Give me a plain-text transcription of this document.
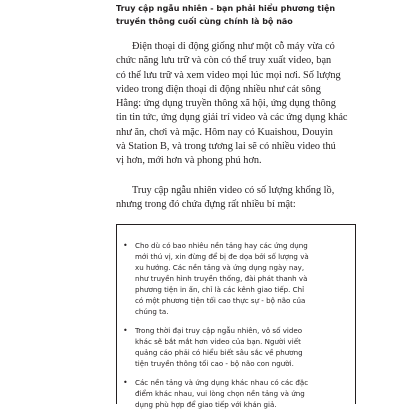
Truy cập ngẫu nhiên - bạn phải hiểu phương tiện
truyền thông cuối cùng chính là bộ não
Điện thoại di động giống như một cỗ máy vừa có
chức năng lưu trữ và còn có thể truy xuất video, bạn
có thể lưu trữ và xem video mọi lúc mọi nơi. Số lượng
video trong điện thoại di động nhiều như cát sông
Hằng: ứng dụng truyền thông xã hội, ứng dụng thông
tin tin tức, ứng dụng giải trí video và các ứng dụng khác
như ăn, chơi và mặc. Hôm nay có Kuaishou, Douyin
và Station B, và trong tương lai sẽ có nhiều video thú
vị hơn, mới hơn và phong phú hơn.
Truy cập ngẫu nhiên video có số lượng khổng lồ,
nhưng trong đó chứa đựng rất nhiều bí mật:
• Cho dù có bao nhiêu nền tảng hay các ứng dụng
mới thú vị, xin đừng để bị đe dọa bởi số lượng và
xu hướng. Các nền tảng và ứng dụng ngày nay,
như truyền hình truyền thống, đài phát thanh và
phương tiện in ấn, chỉ là các kênh giao tiếp. Chỉ
có một phương tiện tối cao thực sự - bộ não của
chúng ta.
• Trong thời đại truy cập ngẫu nhiên, vô số video
khác sẽ bắt mắt hơn video của bạn. Người viết
quảng cáo phải có hiểu biết sâu sắc về phương
tiện truyền thông tối cao - bộ não con người.
• Các nền tảng và ứng dụng khác nhau có các đặc
điểm khác nhau, vui lòng chọn nền tảng và ứng
dụng phù hợp để giao tiếp với khán giả.
